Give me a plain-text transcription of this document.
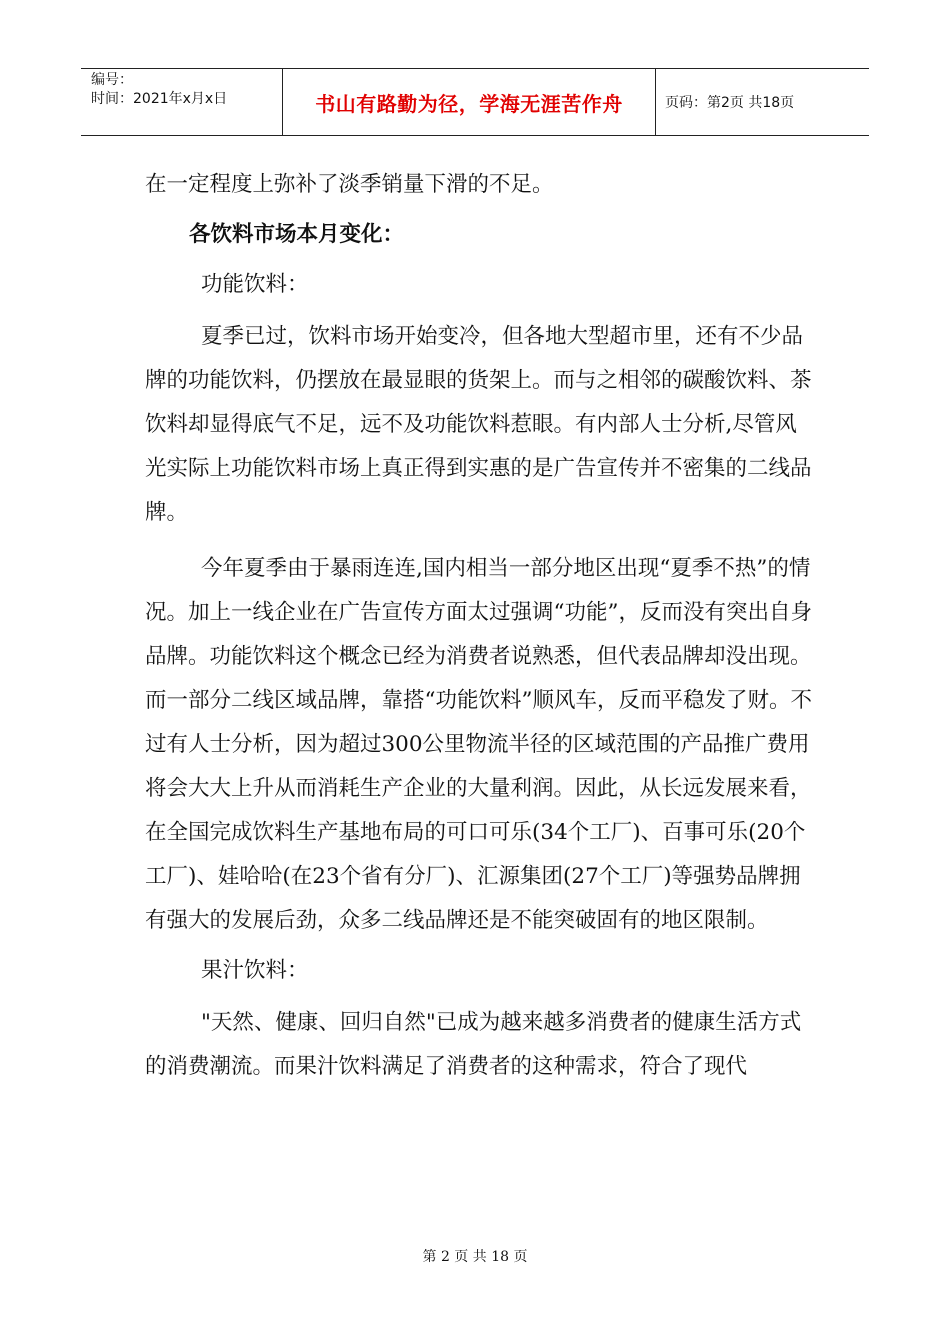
编号：
时间：2021年x月x日	书山有路勤为径，学海无涯苦作舟	页码：第2页 共18页

在一定程度上弥补了淡季销量下滑的不足。

各饮料市场本月变化：

功能饮料：

夏季已过，饮料市场开始变冷，但各地大型超市里，还有不少品牌的功能饮料，仍摆放在最显眼的货架上。而与之相邻的碳酸饮料、茶饮料却显得底气不足，远不及功能饮料惹眼。有内部人士分析,尽管风光实际上功能饮料市场上真正得到实惠的是广告宣传并不密集的二线品牌。

今年夏季由于暴雨连连,国内相当一部分地区出现“夏季不热”的情况。加上一线企业在广告宣传方面太过强调“功能”，反而没有突出自身品牌。功能饮料这个概念已经为消费者说熟悉，但代表品牌却没出现。而一部分二线区域品牌，靠搭“功能饮料”顺风车，反而平稳发了财。不过有人士分析，因为超过300公里物流半径的区域范围的产品推广费用将会大大上升从而消耗生产企业的大量利润。因此，从长远发展来看，在全国完成饮料生产基地布局的可口可乐(34个工厂)、百事可乐(20个工厂)、娃哈哈(在23个省有分厂)、汇源集团(27个工厂)等强势品牌拥有强大的发展后劲，众多二线品牌还是不能突破固有的地区限制。

果汁饮料：

"天然、健康、回归自然"已成为越来越多消费者的健康生活方式的消费潮流。而果汁饮料满足了消费者的这种需求，符合了现代

第 2 页 共 18 页
